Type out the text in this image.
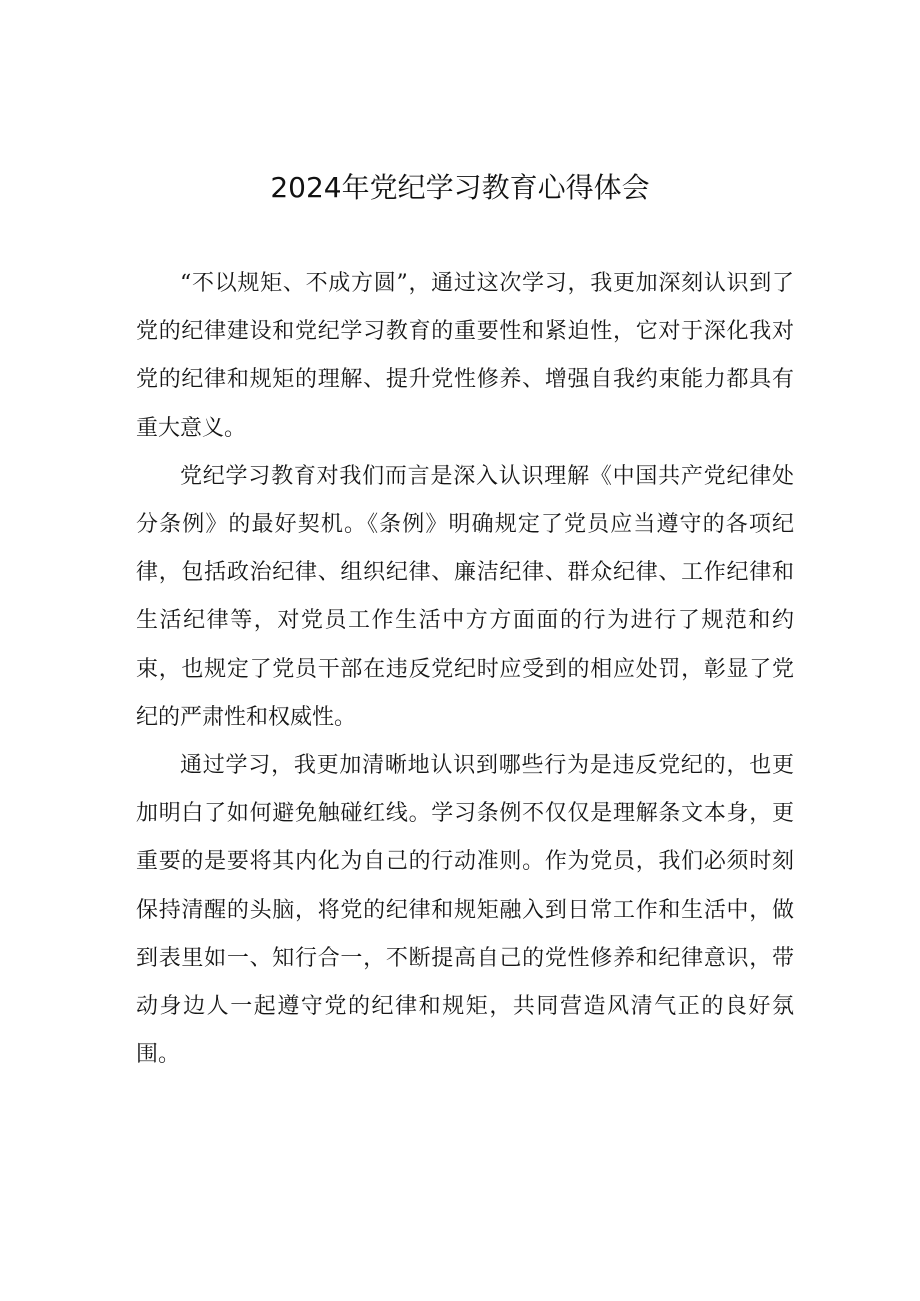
2024年党纪学习教育心得体会

“不以规矩、不成方圆”，通过这次学习，我更加深刻认识到了党的纪律建设和党纪学习教育的重要性和紧迫性，它对于深化我对党的纪律和规矩的理解、提升党性修养、增强自我约束能力都具有重大意义。

党纪学习教育对我们而言是深入认识理解《中国共产党纪律处分条例》的最好契机。《条例》明确规定了党员应当遵守的各项纪律，包括政治纪律、组织纪律、廉洁纪律、群众纪律、工作纪律和生活纪律等，对党员工作生活中方方面面的行为进行了规范和约束，也规定了党员干部在违反党纪时应受到的相应处罚，彰显了党纪的严肃性和权威性。

通过学习，我更加清晰地认识到哪些行为是违反党纪的，也更加明白了如何避免触碰红线。学习条例不仅仅是理解条文本身，更重要的是要将其内化为自己的行动准则。作为党员，我们必须时刻保持清醒的头脑，将党的纪律和规矩融入到日常工作和生活中，做到表里如一、知行合一，不断提高自己的党性修养和纪律意识，带动身边人一起遵守党的纪律和规矩，共同营造风清气正的良好氛围。
